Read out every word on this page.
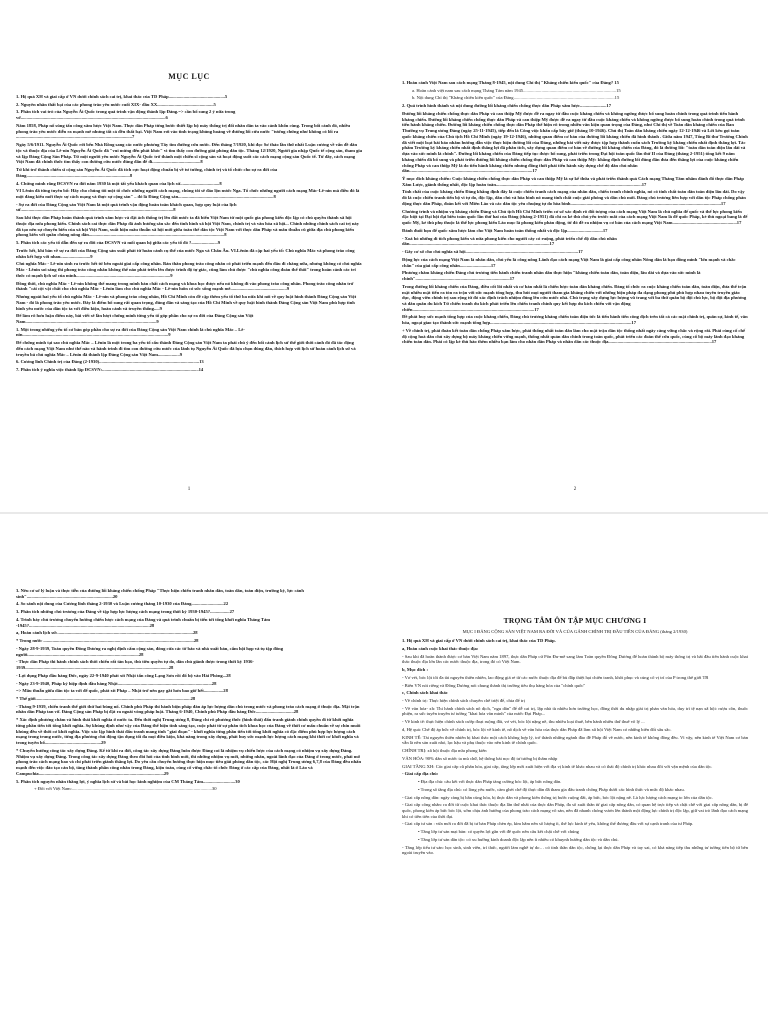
MỤC LỤC
1. Hệ quả XH và giai cấp ở VN dưới chính sách cai trị, khai thác của TD Pháp.................................................5
2. Nguyên nhân thất bại của các phong trào yêu nước cuối XIX- đầu XX.................................................5
3. Phân tích vai trò của Nguyễn Ái Quốc trong quá trình vận động thành lập Đảng.=> cần bổ sung 2 ý nữa trong vở..............................................................................................................................6
Năm 1858, Pháp nổ súng tấn công xâm lược Việt Nam. Thực dân Pháp từng bước thiết lập bộ máy thống trị đối nhân dân ta vào cảnh khốn cùng. Trong bối cảnh đó, nhiều phong trào yêu nước diễn ra mạnh mẽ nhưng tất cả đều thất bại. Việt Nam rơi vào tình trạng khủng hoảng về đường lối cứu nước "tưởng chừng như không có lối ra .....................................................................................................7
Ngày 5/6/1911. Nguyễn Ái Quốc rời bến Nhà Rồng sang các nước phương Tây tìm đường cứu nước. Đến tháng 7/1920, khi đọc Sơ thảo lần thứ nhất Luận cương về vấn đề dân tộc và thuộc địa của Lê-nin Nguyễn Ái Quốc đã "vui mừng đến phát khóc" vì tìm thấy con đường giải phóng dân tộc. Tháng 12/1920, Người gia nhập Quốc tế cộng sản, tham gia và lập Đảng Cộng Sản Pháp. Từ một người yêu nước Nguyễn Ái Quốc trở thành một chiến sĩ cộng sản và hoạt động suốt các cách mạng cộng sản Quốc tế. Từ đây, cách mạng Việt Nam đã chính thức tìm thấy con đường cứu nước đúng đắn để đi..........................................8
Từ khi trở thành chiến sĩ cộng sản Nguyễn Ái Quốc đã tích cực hoạt động chuẩn bị về tư tưởng, chính trị và tổ chức cho sự ra đời của Đảng..........................................................................................8
4. Chứng minh rằng ĐCSVN ra đời năm 1930 là một tất yếu khách quan của lịch sử..................................8
VI Lênin đã từng tuyên bố: Hãy cho chúng tôi một tổ chức những người cách mạng, chúng tôi sẽ đảo lộn nước Nga. Tổ chức những người cách mạng Mác-Lê-nin mà điều đó là một đảng kiểu mới thực sự cách mạng và thực sự cộng sản" – đó là Đảng Cộng sản...................................................................................8
- Sự ra đời của Đảng Cộng sản Việt Nam là một quá trình vận động hoàn toàn khách quan, hợp quy luật của lịch sử.....................................................................................................................................8
Sau khi thực dân Pháp hoàn thành quá trình xâm lược và đặt ách thống trị lên đất nước ta đã biến Việt Nam từ một quốc gia phong kiến độc lập có chủ quyền thành xã hội thuộc địa nửa phong kiến. Chính sách cai thực dân Pháp đã ảnh hưởng sâu sắc đến tình hình xã hội Việt Nam, chính trị và văn hóa xã hội... Chính những chính sách cai trị này đã tạo nên sự chuyển biến của xã hội Việt Nam, xuất hiện mâu thuẫn xã hội mới giữa toàn thể dân tộc Việt Nam với thực dân Pháp và mâu thuẫn cũ giữa địa chủ phong kiến phong kiến với quần chúng nông dân......................................................................................................................8
5. Phân tích các yếu tố dẫn đến sự ra đời của ĐCSVN và mối quan hệ giữa các yếu tố đó ?.......................9
Trước hết, khi bàn về sự ra đời của Đảng Cộng sản xuất phát từ hoàn cảnh cụ thể của nước Nga và Châu Âu. VI.Lênin đã cập hai yếu tố: Chủ nghĩa Mác và phong trào công nhân kết hợp với nhau..........................9
Chủ nghĩa Mác - Lê-nin sinh ra trước hết từ bên ngoài giai cấp công nhân. Bản thân phong trào công nhân có phát triển mạnh đến đâu đi chăng nữa, nhưng không có chủ nghĩa Mác - Lênin soi sáng thì phong trào công nhân không thể nào phát triển lên được trình độ tự giác, cũng làm chủ được "chủ nghĩa công đoàn thế thôi" trong hoàn cảnh các trí thức có mạnh lịch sử của mình..................................................................................9
Đồng thời, chủ nghĩa Mác - Lê-nin không thể mang trong mình bản chất cách mạng và khoa học được nếu nó không đi vào phong trào công nhân. Phong trào công nhân trở thành "cái cột vật chất cho chủ nghĩa Mác - Lênin làm cho chủ nghĩa Mác - Lê-nin luôn có sức sống mạnh mẽ.................................................9
Nhưng ngoài hai yếu tố chủ nghĩa Mác - Lê-nin và phong trào công nhân, Hồ Chí Minh còn đề cập thêm yếu tố thứ ba nữa khi nói về quy luật hình thành Đảng Cộng sản Việt Nam - đó là phong trào yêu nước. Đây là điểm bổ sung rất quan trọng, đúng đắn và sáng tạo của Hồ Chí Minh về quy luật hình thành Đảng Cộng sản Việt Nam phù hợp tình hình yêu nước của dân tộc ta với điều kiện, hoàn cảnh và truyền thống.....9
Để làm rõ hơn luận điểm này, bài viết sẽ lần lượt chứng minh từng yếu tố góp phần cho sự ra đời của Đảng Cộng sản Việt Nam..................................................................................................................9
1. Một trong những yếu tố cơ bản góp phần cho sự ra đời của Đảng Cộng sản Việt Nam chính là chủ nghĩa Mác – Lê-nin...............................................................................................................................9
Để chứng minh tại sao chủ nghĩa Mác – Lênin là một trong ba yếu tố cấu thành Đảng Cộng sản Việt Nam ta phải chú ý đến bối cảnh lịch sử thế giới thời cảnh đó đã tác động đến cách mạng Việt Nam như thế nào và hành trình đi tìm con đường cứu nước của lãnh tụ Nguyễn Ái Quốc đã lựa chọn đúng đắn, thích hợp với lịch sử hoàn cảnh lịch sử và truyền bá chủ nghĩa Mác – Lênin đã thành lập Đảng Cộng sản Việt Nam...................9
6. Cương lĩnh Chính trị của Đảng (2-1930).......................................................................................13
7. Phân tích ý nghĩa việc thành lập ĐCSVN:....................................................................................14
1
1. Hoàn cảnh Việt Nam sau cách mạng Tháng 8-1945, nội dung Chỉ thị "Kháng chiến kiến quốc" của Đảng? 15
a. Hoàn cảnh việt nam sau cách mạng Tháng Tám năm 1945.................................................................................15
b. Nội dung Chỉ thị "Kháng chiến kiến quốc" của Đảng........................................................................................15
2. Quá trình hình thành và nội dung đường lối kháng chiến chống thực dân Pháp xâm lược.......................17
Đường lối kháng chiến chống thực dân Pháp và can thiệp Mỹ được đề ra ngay từ đầu cuộc kháng chiến và không ngừng được bổ sung hoàn chỉnh trong quá trình tiến hành kháng chiến. Đường lối kháng chiến chống thực dân Pháp và can thiệp Mỹ được đề ra ngay từ đầu cuộc kháng chiến và không ngừng được bổ sung hoàn chỉnh trong quá trình tiến hành kháng chiến. Đường lối kháng chiến chống thực dân Pháp thể hiện rõ trong nhiều văn kiện quan trọng của Đảng, như Chỉ thị về Toàn dân kháng chiến của Ban Thường vụ Trung ương Đảng (ngày 25-11-1945), tiếp đến là Công việc khẩn cấp bây giờ (tháng 10-1946). Chủ thị Toàn dân kháng chiến ngày 12-12-1946 và Lời kêu gọi toàn quốc kháng chiến của Chủ tịch Hồ Chí Minh (ngày 19-12-1946), những quan điểm cơ bản của đường lối kháng chiến đã hình thành . Giữa năm 1947, Tổng Bí thư Trường Chinh đã viết một loạt bài báo nhằm hướng dẫn việc thực hiện đường lối của Đảng, những bài viết này được tập hợp thành cuốn sách Trường kỳ kháng chiến nhất định thắng lợi. Tác phẩm Trường kỳ kháng chiến nhất định thắng lợi đã phân tích, xây dựng quan điểm cơ bản về đường lối kháng chiến của Đảng, đó là đường lối: "toàn dân toàn diện lâu dài và dựa vào sức mình là chính". Đường lối kháng chiến của Đảng tiếp tục được bổ sung, phát triển trong Đại hội toàn quốc lần thứ II của Đảng (tháng 2-1951) tổng kết 9 năm kháng chiến đã bổ sung và phát triển đường lối kháng chiến chống thực dân Pháp và can thiệp Mỹ: khẳng định đường lối đúng đắn đưa đến thắng lợi của cuộc kháng chiến chống Pháp và can thiệp Mỹ là do tiến hành kháng chiến nhưng đồng thời phải tiến hành xây dựng chế độ dân chủ nhân dân...........................................................................................................17
Ý mục đích kháng chiến: Cuộc kháng chiến chống thực dân Pháp và can thiệp Mỹ là sự kế thừa và phát triển thành quả Cách mạng Tháng Tám nhằm đánh đổ thực dân Pháp Xâm Lược, giành thống nhất, độc lập hoàn toàn...............................................................................................................................17
Tính chất của cuộc kháng chiến Đảng khẳng định đây là cuộc chiến tranh cách mạng của nhân dân, chiến tranh chính nghĩa, nó có tính chất toàn dân toàn diện lâu dài. Do vậy đó là cuộc chiến tranh tiến bộ vì tự do, độc lập, dân chủ và hòa bình nó mang tính chất cuộc giải phóng và dân chủ mới. Đảng chủ trương liên hợp với dân tộc Pháp chống phản động thực dân Pháp, đoàn kết với Miên Lào và các dân tộc yêu chuộng tự do hòa bình...................................................................................................................................17
Chương trình và nhiệm vụ kháng chiến Đảng và Chủ tịch Hồ Chí Minh triển cơ sở xác định rõ đối tượng của cách mạng Việt Nam là chủ nghĩa đế quốc và thế lực phong kiến đặc biệt tại Đại hội đại biểu toàn quốc lần thứ hai của Đảng (tháng 2-1951) đã chỉ ra kẻ thù chủ yếu trước mắt của cách mạng Việt Nam là đế quốc Pháp, kẻ thù ngoại bang là đế quốc Mỹ, kẻ thù phụ thuộc là thế lực phong kiến Lào mục là phong kiến phản động, từ đó đề ra nhiệm vụ cơ bản của cách mạng Việt Nam........................................................17
Đánh đuổi bọn đế quốc xâm lược làm cho Việt Nam hoàn toàn thống nhất và độc lập...............................17
- Xoá bỏ những di tích phong kiến và nửa phong kiến cho người cày có ruộng, phát triển chế độ dân chủ nhân dân..........................................................................................................................17
- Gây cơ sở cho chủ nghĩa xã hội..................................................................................................17
Động lực của cách mạng Việt Nam là nhân dân, chủ yếu là công nông Lãnh đạo cách mạng Việt Nam là giai cấp công nhân Nông dân là bạn đồng minh "lớn mạnh và chắc chắn" của giai cấp công nhân...........................17
Phương châm kháng chiến Đảng chủ trương tiến hành chiến tranh nhân dân thực hiện "kháng chiến toàn dân, toàn diện, lâu dài và dựa vào sức mình là chính"..................................................................................17
Trong đường lối kháng chiến của Đảng, điều cốt lõi nhất và cơ bản nhất là chiến lược toàn dân kháng chiến. Đảng tổ chức ra cuộc kháng chiến toàn dân, toàn diện, đưa thế trận mặt nhiều mặt tiến ra tòn ra trận với sức mạnh tổng hợp, thu hút mọi người tham gia kháng chiến với những biện pháp đa dạng phong phú phù hợp nhau tuyên truyền giáo dục, động viên chính trị sau rộng từ đó xác định trách nhiệm đúng lên cứu nước nhà. Chủ trọng xây dựng lực lượng vũ trang với ba thứ quân bộ đội chủ lực, bộ đội địa phương và dân quân du kích Từ chiến tranh du kích phát triển lên chiến tranh chính quy kết hợp du kích chiến với vận động chiến..........................................................................................................17
Đề phát huy sức mạnh tổng hợp của cuộc kháng chiến, Đảng chủ trương kháng chiến toàn diện tức là tiến hành tiến công địch trên tất cả các mặt chính trị, quân sự, kinh tế, văn hóa, ngoại giao tạo thành sức mạnh tổng hợp...........................................................................................................................17
+ Về chính trị, phải đoàn kết toàn dân chống Pháp xâm lược, phải thống nhất toàn dân làm cho mặt trận dân tộc thống nhất ngày càng vững chắc và rộng rãi. Phải củng cố chế độ cộng hoà dân chủ xây dựng bộ máy kháng chiến vững mạnh, thống nhất quản dân chính trong toàn quốc, phát triển các đoàn thể cứu quốc, củng cố bộ máy lãnh đạo kháng chiến toàn dân. Phải có lập kẻ thù hào thêm nhiều bạn làm cho nhân dân Pháp và nhân dân các thuộc địa..........................................................................................17
2
3. Nêu cơ sở lý luận và thực tiễn của đường lối kháng chiến chống Pháp "Thực hiện chiến tranh nhân dân, toàn dân, toàn diện, trường kỳ, lực cánh sinh"...........................................................................20
4. So sánh nội dung của Cương lĩnh tháng 2-1930 và Luận cương tháng 10-1930 của Đảng............................22
3. Phân tích những chủ trương của Đảng về tập hợp lực lượng cách mạng trong thời kỳ 1930-1945?.................27
4. Trình bày chủ trương chuyển hướng chiến lược cách mạng của Đảng và quá trình chuẩn bị tiến tới tổng khởi nghĩa Tháng Tám -1945?.........................................................................................................28
a, Hoàn cảnh lịch sử:......................................................................................................................28
* Trong nước ...................................................................................................................................28
- Ngày 28-9-1939, Toàn quyền Đông Dương ra nghị định cấm cộng sản, đóng cửa các tờ báo và nhà xuất bản, cấm hội họp và tụ tập đông người.................................................................................................28
- Thực dân Pháp thi hành chính sách thời chiến rất tàn bạo, thủ tiêu quyền tự do, dân chủ giành được trong thời kỳ 1936-1939.............................................................................................................................28
- Lợi dụng Pháp đầu hàng Đức, ngày 22-9-1940 phát xít Nhật tấn công Lạng Sơn rồi đổ bộ vào Hải Phòng...28
- Ngày 23-9-1940, Pháp ký hiệp định đầu hàng Nhật..................................................................................28
=> Mâu thuẫn giữa dân tộc ta với đế quốc, phát xít Pháp – Nhật trở nên gay gắt hơn bao giờ hết.................28
* Thế giới.......................................................................................................................................28
- Tháng 9-1939, chiến tranh thế giới thứ hai bùng nổ. Chính phủ Pháp thi hành biện pháp đàn áp lực lượng dân chủ trong nước và phong trào cách mạng ở thuộc địa. Mặt trận nhân dân Pháp tan vỡ. Đảng Cộng sản Pháp bị đặt ra ngoài vòng pháp luật. Tháng 6-1940, Chính phủ Pháp đầu hàng Đức.................................28
* Xác định phương châm và hình thái khởi nghĩa ở nước ta. Đến thời nghị Trung ương 8, Đảng chỉ rõ phương thức (hình thái) đấu tranh giành chính quyền đi từ khởi nghĩa từng phần tiến tới tổng khởi nghĩa. Sự khủng định như vậy của Đảng thể hiện tính sáng tạo, cuộc phát từ sự phân tích khoa học của Đảng về thời cơ mấu chuẩn về sự chín muồi khủng đều về thời cơ khởi nghĩa. Việc xác lập hình thái đấu tranh mang tính "giai đoạn" - khởi nghĩa từng phần tiến tới tổng khởi nghĩa có đặc điểm phù hợp lực lượng cách mạng trong trung nước, từng địa phương chủ động tận dụng tối đa mọi điều kiện, khả năng trong xây dựng, phát huy sức mạnh lực lượng cách mạng khi thời cơ khởi nghĩa và trong tuyên bố.................................................29
* Chuyển hướng công tác xây dựng Đảng. Kể từ khi ra đời, công tác xây dựng Đảng luôn được Đảng coi là nhiệm vụ chiến lược của cách mạng có nhiệm vụ xây dựng Đảng. Nhiệm vụ xây dựng Đảng. Trong công tác xây dựng Đảng theo đòi hỏi của tình hình mới, thì những nhiệm vụ mới, những nhân, ngoài lãnh đạo của Đảng ở trong nước, phải mở phong trào cách mạng bao và chỉ phát triển giành thắng lợi. Do yêu cầu chuyển hướng thực hiện mục tiêu giải phóng dân tộc, các Hội nghị Trung ương 6,7,8 của Đảng đều nhấn mạnh đến việc đào tạo cán bộ, tăng thành phần công nhân trong Đảng, kiện toàn, củng cố vững chắc tổ chức Đảng ở các cấp của Đảng, nhất là ở Lào và Campuchia.............................................................................................................29
5. Phân tích nguyên nhân thắng lợi, ý nghĩa lịch sử và bài học kinh nghiệm của CM Tháng Tám............................30
+ Đối với Việt Nam:..........................................................................................................................30
TRỌNG TÂM ÔN TẬP MỤC CHƯƠNG I
MỤC I ĐẢNG CỘNG SẢN VIỆT NAM RA ĐỜI VÀ CỦA GÁNH CHÍNH TRỊ ĐẦU TIÊN CỦA ĐẢNG (tháng 2/1930)
1. Hệ quả XH và giai cấp ở VN dưới chính sách cai trị, khai thác của TD Pháp.
a, Hoàn cảnh cuộc khai thác thuộc địa:
- Sau khi đã hoàn thành được cơ bản Việt Nam năm 1897, thực dân Pháp cử Pôn Đu-mê sang làm Toàn quyền Đông Dương để hoàn thành bộ máy thống trị và bắt đầu tiến hành cuộc khai thác thuộc địa lớn lần các nước thuộc địa, trong đó có Việt Nam.
b, Mục đích :
- Vơ vét, bóc lột tối đa tài nguyên thiên nhiên, lao động giá rẻ từ các nước thuộc địa để bù đắp thiệt hại chiến tranh, khôi phục và củng cố vị trí của P trong thế giới TB
- Biến VN nói riêng và Đông Dương nói chung thành thị trường tiêu thụ hàng hóa của "chính quốc"
c, Chính sách khai thác
- Về chính trị: Thực hiện chính sách chuyên chế triệt để, chia để trị
- Về văn hóa- xh: Thi hành chính sách nô dịch, "ngu dân" để dễ cai trị, lập nhà tù nhiều hơn trường học, đồng thời du nhập giải trị phản văn hóa, duy trì tệ nạn xã hội: rượu cồn, thuốc phiện, ra sức tuyên truyền tư tưởng "khai hóa văn minh" của nước Đại Pháp...
- Về kinh tế: thực hiện chính sách cướp đoạt ruộng đất, vơ vét, bóc lột nặng nề, thu nhiều loại thuế, bên hành nhiều thứ thuế vô lý ...
d, Hệ quả: Chế độ áp bức về chính trị, bóc lột về kinh tế, nô dịch về văn hóa của thực dân Pháp đã làm xã hội Việt Nam có những biến đổi sâu sắc.
KINH TẾ: Tài nguyên thiên nhiên bị khai thác một cách không hợp lý, trở thành những ngành đào đề Pháp đổ về nước, nền kinh tế không đồng đều. Vì vậy, nền kinh tế Việt Nam cơ bản vẫn là nền sản xuất nhỏ, lạc hậu và phụ thuộc vào nền kinh tế chính quốc.
CHÍNH TRỊ: xã hội thuộc địa nửa phong kiến
VĂN HÓA: 90% dân số nước ta mù chữ, hệ thống bài nọc độ tư tưởng bị thâm nhập
GIAI TẦNG XH: Các giai cấp cũ phân hóa, giai cấp, tầng lớp mới xuất hiện với địa vị kinh tế khác nhau và có thái độ chính trị khác nhau đối với vận mệnh của dân tộc.
- Giai cấp địa chủ:
• Địa địa chủ: câu kết với thực dân Pháp tăng cường bóc lột, áp bức nông dân.
• Trong số tầng địa chủ: có lòng yêu nước, căm ghét chế độ thực dân đã tham gia đấu tranh chống Pháp dưới các hình thức và mức độ khác nhau.
- Giai cấp nông dân: ngày càng bị bần cùng hóa, bị thực dân và phong kiến thống trị bước ruộng đất, áp bức, bóc lột nặng nề. Là lực lượng cách mạng to lớn của dân tộc.
- Giai cấp công nhân: ra đời từ cuộc khai thác thuộc địa lần thứ nhất của thực dân Pháp, đa số xuất thân từ giai cấp nông dân, có quan hệ trực tiếp và chặt chẽ với giai cấp nông dân, bị đế quốc, phong kiến áp bức bóc lột, sớm chịu ảnh hưởng của phong trào cách mạng vô sản, nên đã nhanh chóng vươn lên thành một động lực chính trị độc lập, giữ vai trò lãnh đạo cách mạng khi có tiền tiến của thời đại.
- Giai cấp tư sản : vừa mới ra đời đã bị tư bản Pháp chèn ép, kìm hãm nên số lượng ít, thế lực kinh tế yếu, không thể đương đầu với sự cạnh tranh của tư Pháp.
• Tầng lớp tư sản mại bản: có quyền lợi gắn với đế quốc nên câu kết chặt chẽ với chúng
• Tầng lớp tư sản dân tộc: có xu hướng kinh doanh độc lập nên ít nhiều có khuynh hướng dân tộc và dân chủ.
- Tầng lớp tiểu tư sản: học sinh, sinh viên, trí thức, người làm nghề tự do… có tinh thần dân tộc, chống lại thực dân Pháp và tay sai, có khả năng tiếp thu những tư tưởng tiến bộ từ bên ngoài truyền vào.
